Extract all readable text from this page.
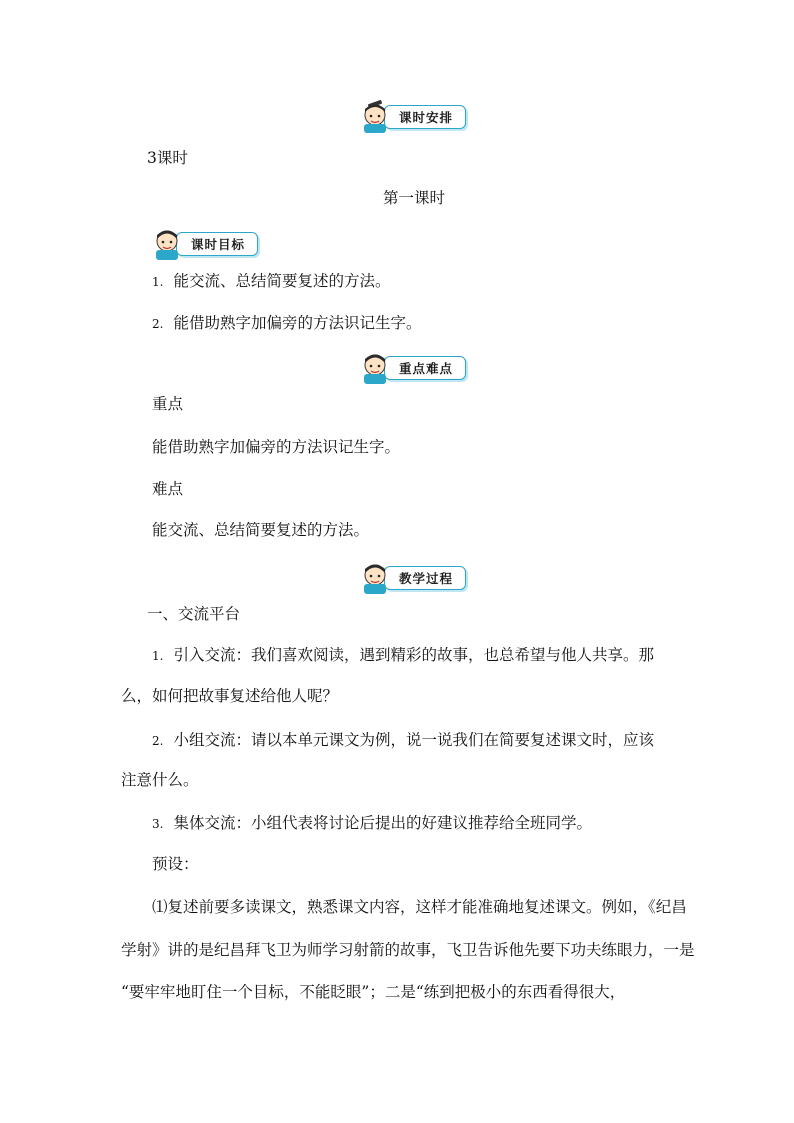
课时安排
3课时
第一课时
课时目标
1. 能交流、总结简要复述的方法。
2. 能借助熟字加偏旁的方法识记生字。
重点难点
重点
能借助熟字加偏旁的方法识记生字。
难点
能交流、总结简要复述的方法。
教学过程
一、交流平台
1. 引入交流：我们喜欢阅读，遇到精彩的故事，也总希望与他人共享。那
么，如何把故事复述给他人呢？
2. 小组交流：请以本单元课文为例，说一说我们在简要复述课文时，应该
注意什么。
3. 集体交流：小组代表将讨论后提出的好建议推荐给全班同学。
预设：
⑴复述前要多读课文，熟悉课文内容，这样才能准确地复述课文。例如，《纪昌
学射》讲的是纪昌拜飞卫为师学习射箭的故事，飞卫告诉他先要下功夫练眼力，一是
“要牢牢地盯住一个目标，不能眨眼”；二是“练到把极小的东西看得很大，
